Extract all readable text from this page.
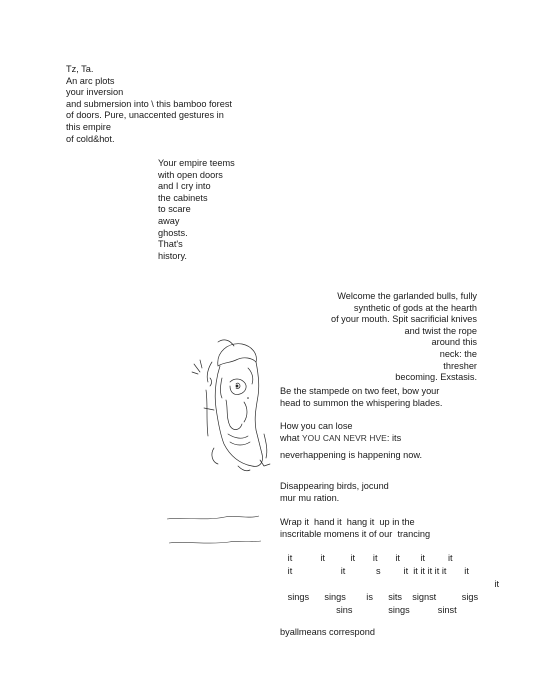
Tz, Ta.
An arc plots
your inversion
and submersion into \ this bamboo forest
of doors. Pure, unaccented gestures in
this empire
of cold&hot.
Your empire teems
with open doors
and I cry into
the cabinets
to scare
away
ghosts.
That's
history.
Welcome the garlanded bulls, fully
synthetic of gods at the hearth
of your mouth. Spit sacrificial knives
and twist the rope
around this
neck: the
thresher
becoming. Exstasis.
Be the stampede on two feet, bow your
head to summon the whispering blades.
How you can lose
what YOU CAN NEVR HVE: its
neverhappening is happening now.
Disappearing birds, jocund
mur mu ration.
Wrap it  hand it  hang it  up in the
inscritable momens it of our  trancing
it           it          it       it       it        it         it
it                   it            s         it  it it it it it       it
it
sings      sings        is      sits    signst          sigs
sins              sings           sinst
byallmeans correspond
